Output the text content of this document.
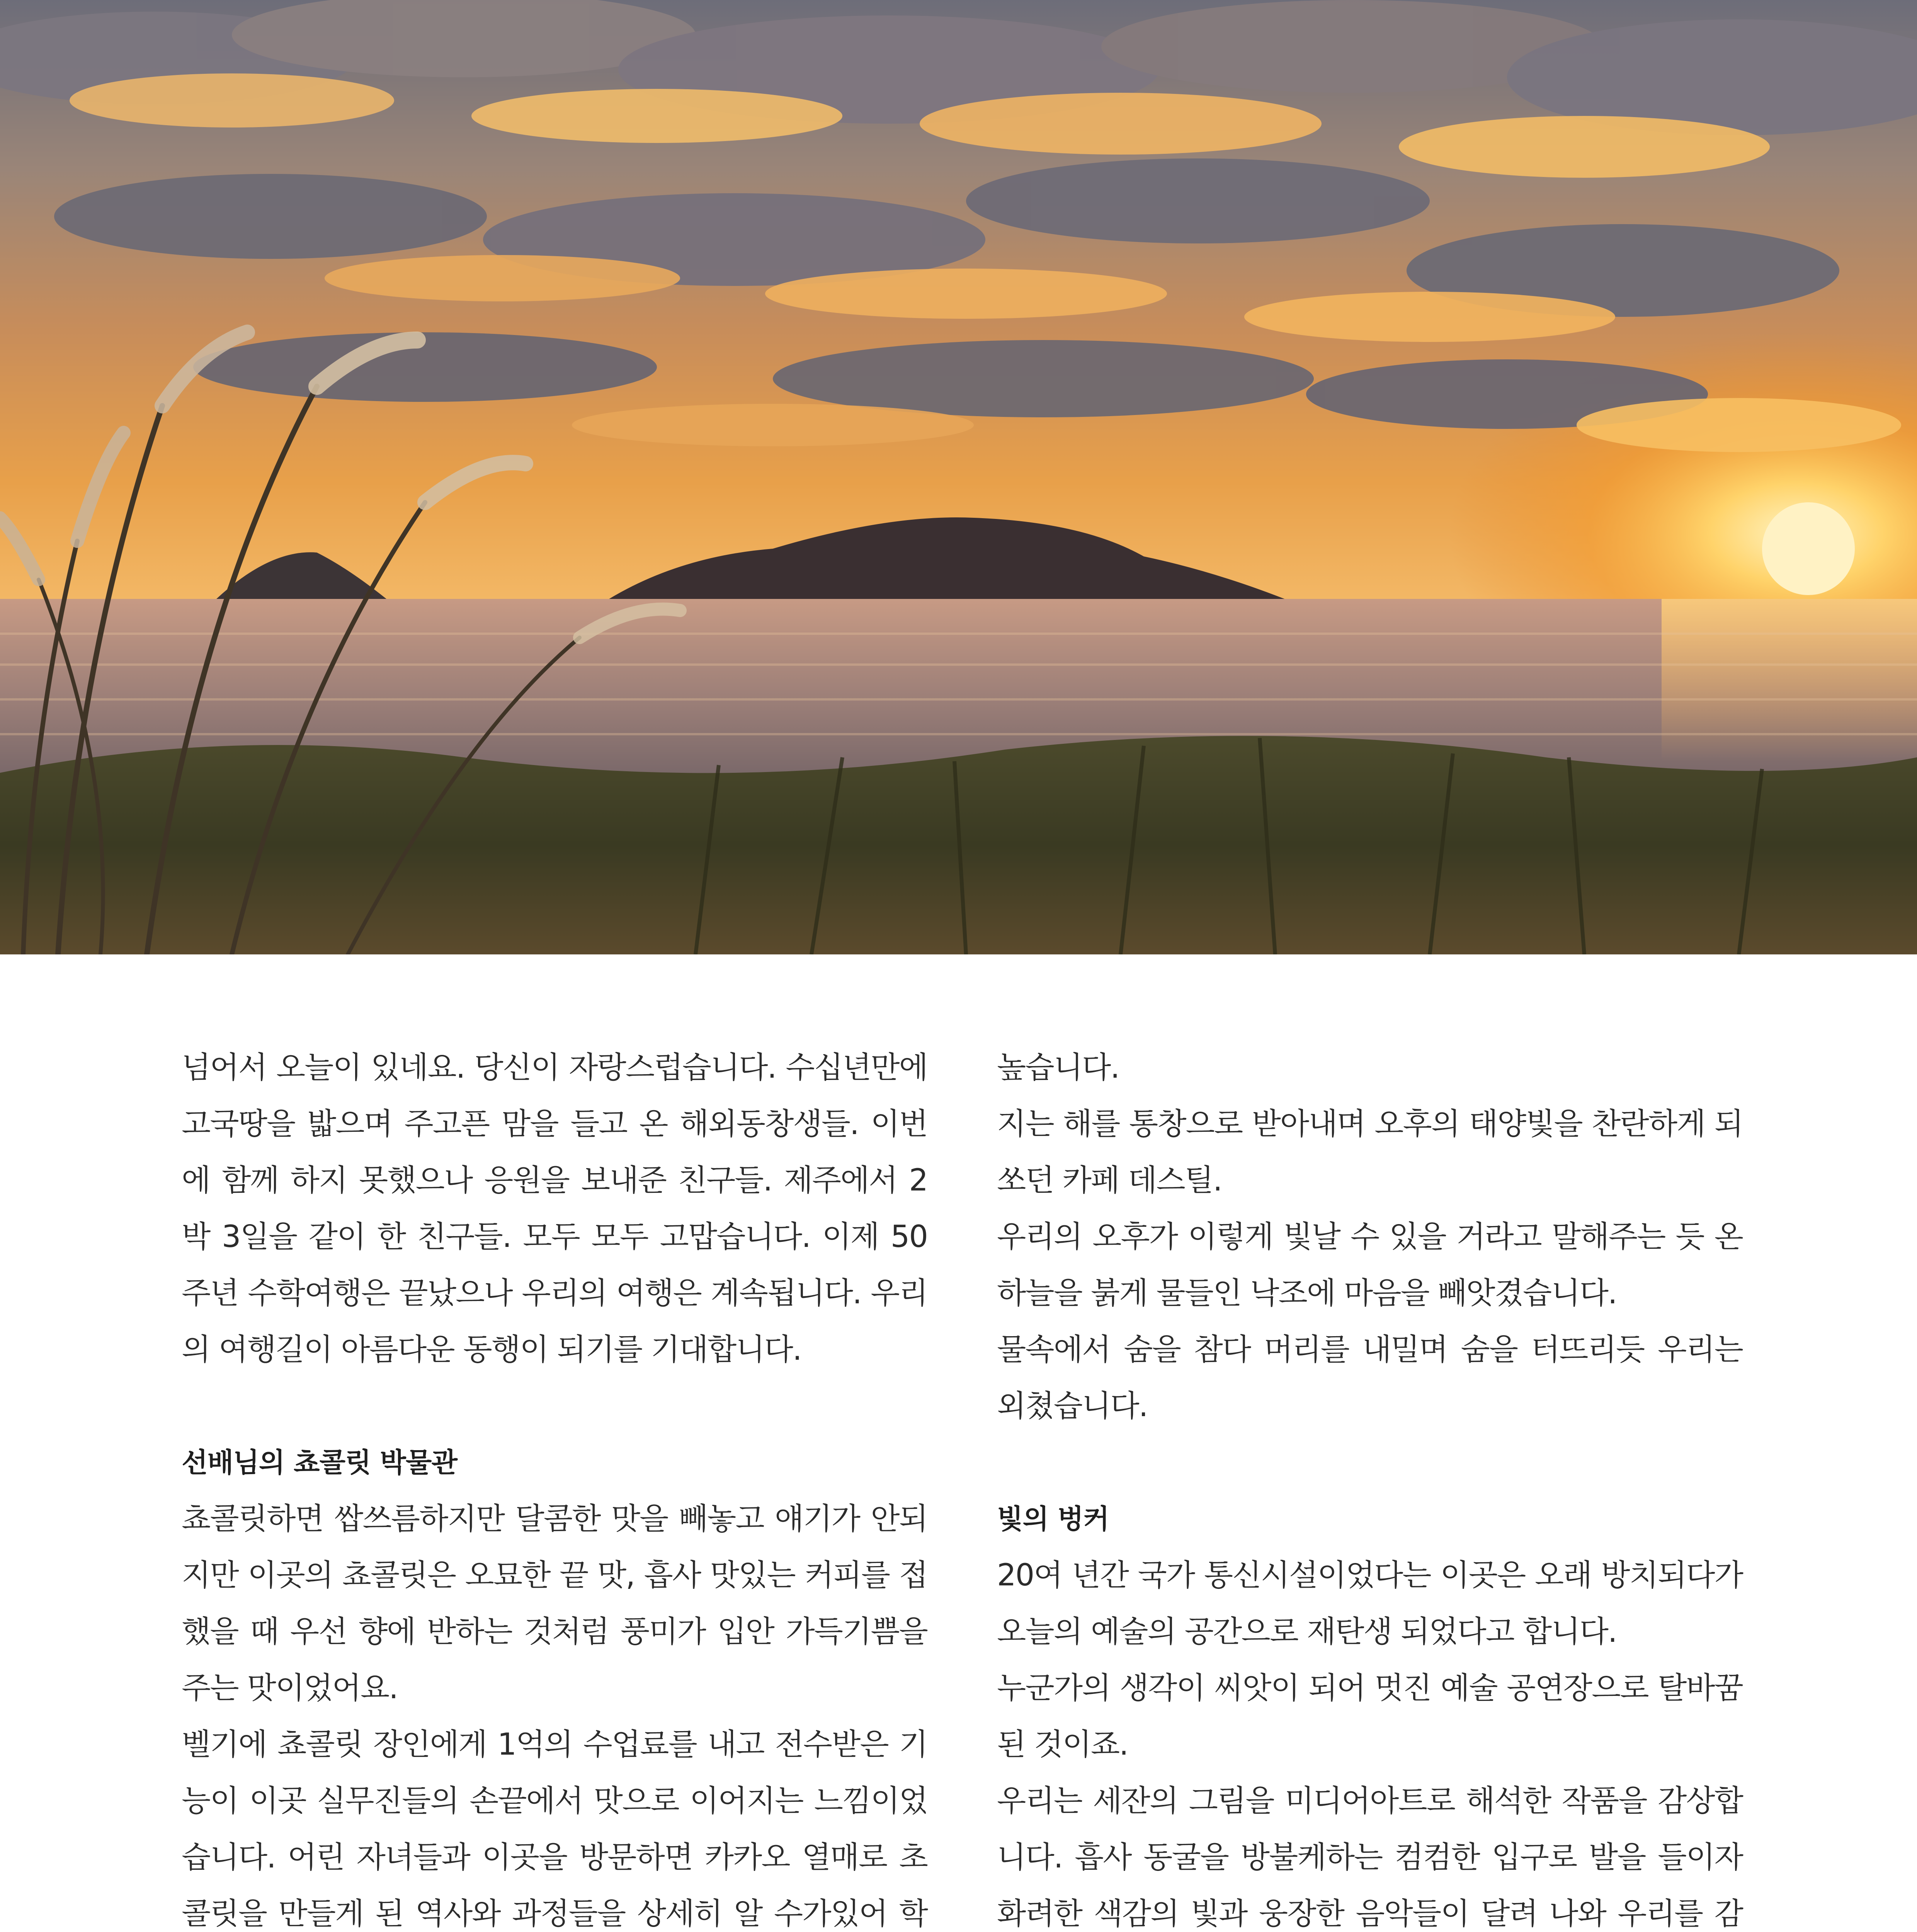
넘어서 오늘이 있네요. 당신이 자랑스럽습니다. 수십년만에 고국땅을 밟으며 주고픈 맘을 들고 온 해외동창생들. 이번에 함께 하지 못했으나 응원을 보내준 친구들. 제주에서 2박 3일을 같이 한 친구들. 모두 모두 고맙습니다. 이제 50주년 수학여행은 끝났으나 우리의 여행은 계속됩니다. 우리의 여행길이 아름다운 동행이 되기를 기대합니다.

선배님의 쵸콜릿 박물관

쵸콜릿하면 쌉쓰름하지만 달콤한 맛을 빼놓고 얘기가 안되지만 이곳의 쵸콜릿은 오묘한 끝 맛, 흡사 맛있는 커피를 접했을 때 우선 향에 반하는 것처럼 풍미가 입안 가득기쁨을 주는 맛이었어요.

벨기에 쵸콜릿 장인에게 1억의 수업료를 내고 전수받은 기능이 이곳 실무진들의 손끝에서 맛으로 이어지는 느낌이었습니다. 어린 자녀들과 이곳을 방문하면 카카오 열매로 초콜릿을 만들게 된 역사와 과정들을 상세히 알 수가있어 학

높습니다.

지는 해를 통창으로 받아내며 오후의 태양빛을 찬란하게 되쏘던 카페 데스틸.

우리의 오후가 이렇게 빛날 수 있을 거라고 말해주는 듯 온하늘을 붉게 물들인 낙조에 마음을 빼앗겼습니다.

물속에서 숨을 참다 머리를 내밀며 숨을 터뜨리듯 우리는 외쳤습니다.

빛의 벙커

20여 년간 국가 통신시설이었다는 이곳은 오래 방치되다가 오늘의 예술의 공간으로 재탄생 되었다고 합니다.

누군가의 생각이 씨앗이 되어 멋진 예술 공연장으로 탈바꿈 된 것이죠.

우리는 세잔의 그림을 미디어아트로 해석한 작품을 감상합니다. 흡사 동굴을 방불케하는 컴컴한 입구로 발을 들이자 화려한 색감의 빛과 웅장한 음악들이 달려 나와 우리를 감
